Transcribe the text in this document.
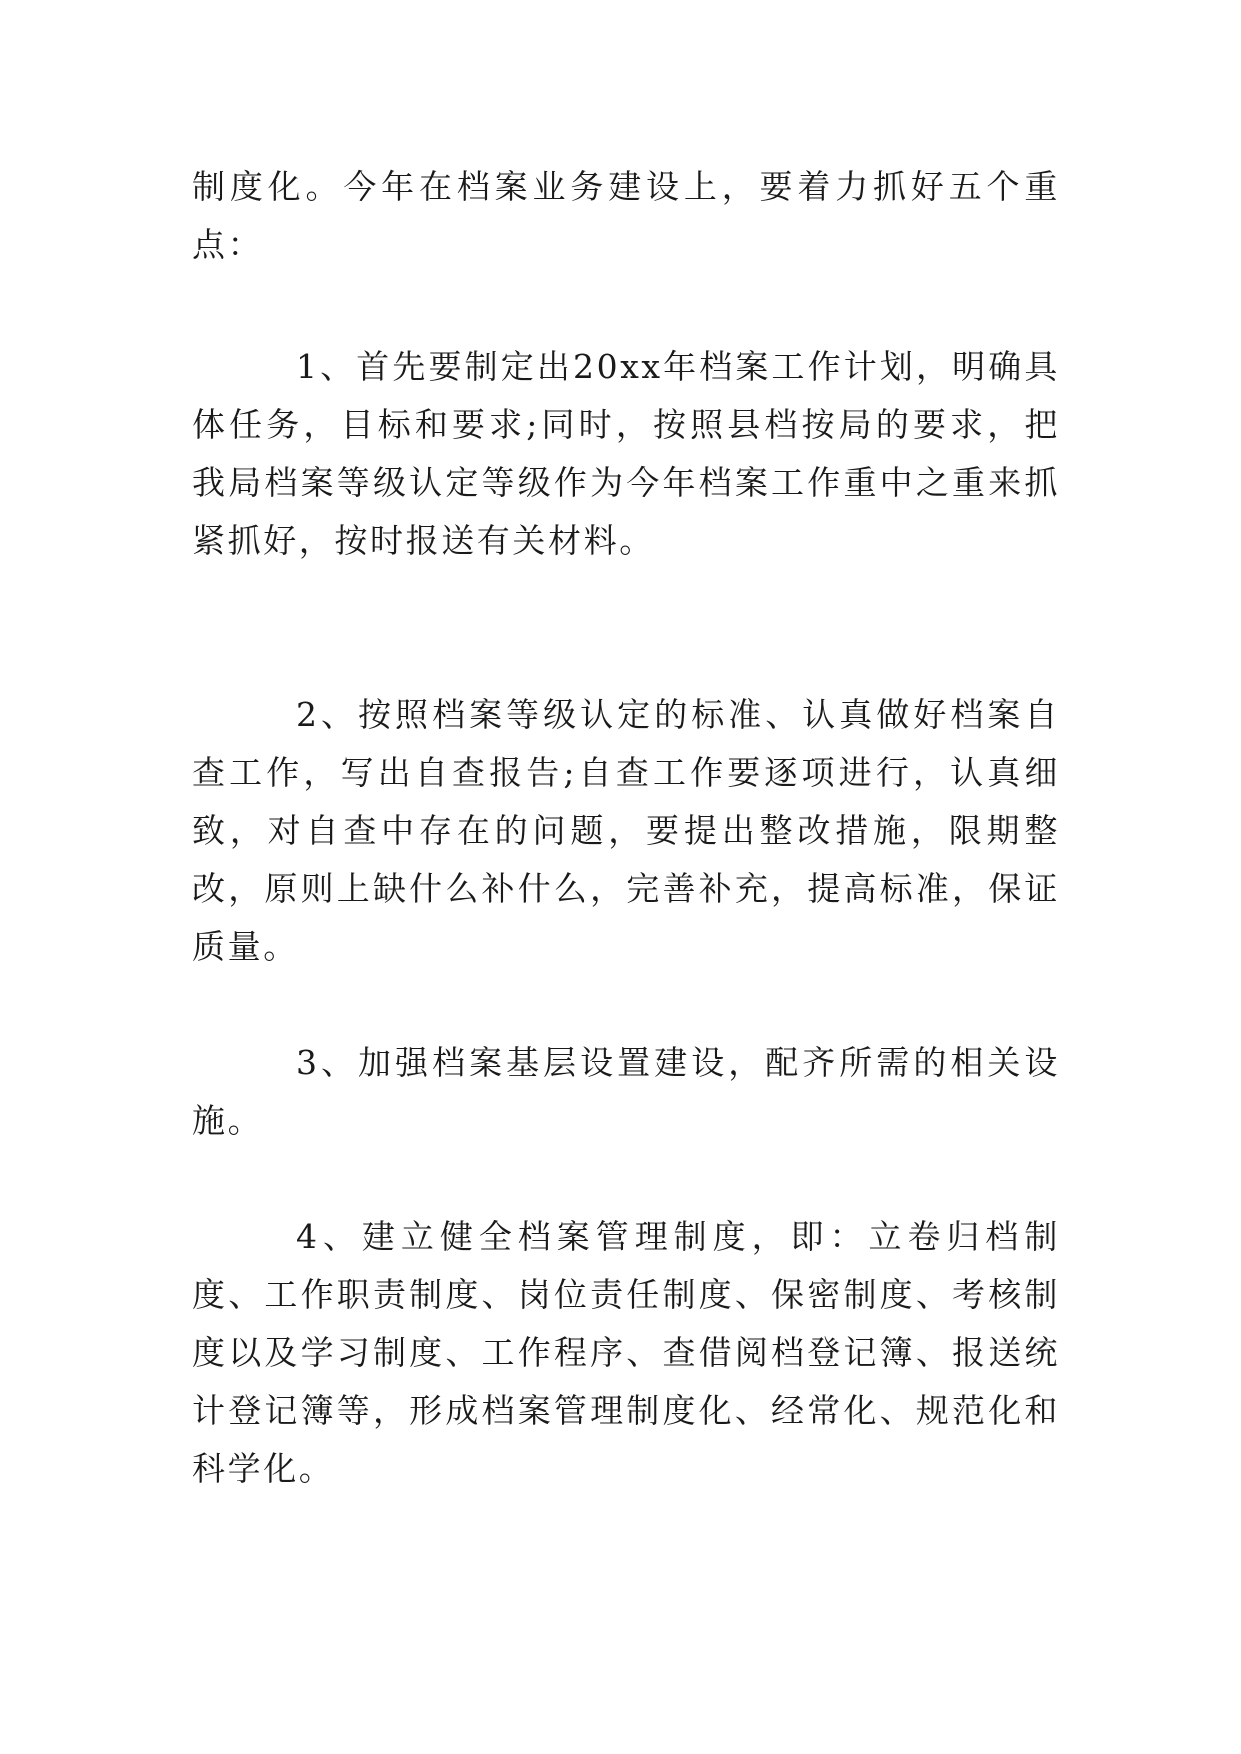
制度化。今年在档案业务建设上，要着力抓好五个重点：

1、首先要制定出20xx年档案工作计划，明确具体任务，目标和要求;同时，按照县档按局的要求，把我局档案等级认定等级作为今年档案工作重中之重来抓紧抓好，按时报送有关材料。

2、按照档案等级认定的标准、认真做好档案自查工作，写出自查报告;自查工作要逐项进行，认真细致，对自查中存在的问题，要提出整改措施，限期整改，原则上缺什么补什么，完善补充，提高标准，保证质量。

3、加强档案基层设置建设，配齐所需的相关设施。

4、建立健全档案管理制度，即：立卷归档制度、工作职责制度、岗位责任制度、保密制度、考核制度以及学习制度、工作程序、查借阅档登记簿、报送统计登记簿等，形成档案管理制度化、经常化、规范化和科学化。
